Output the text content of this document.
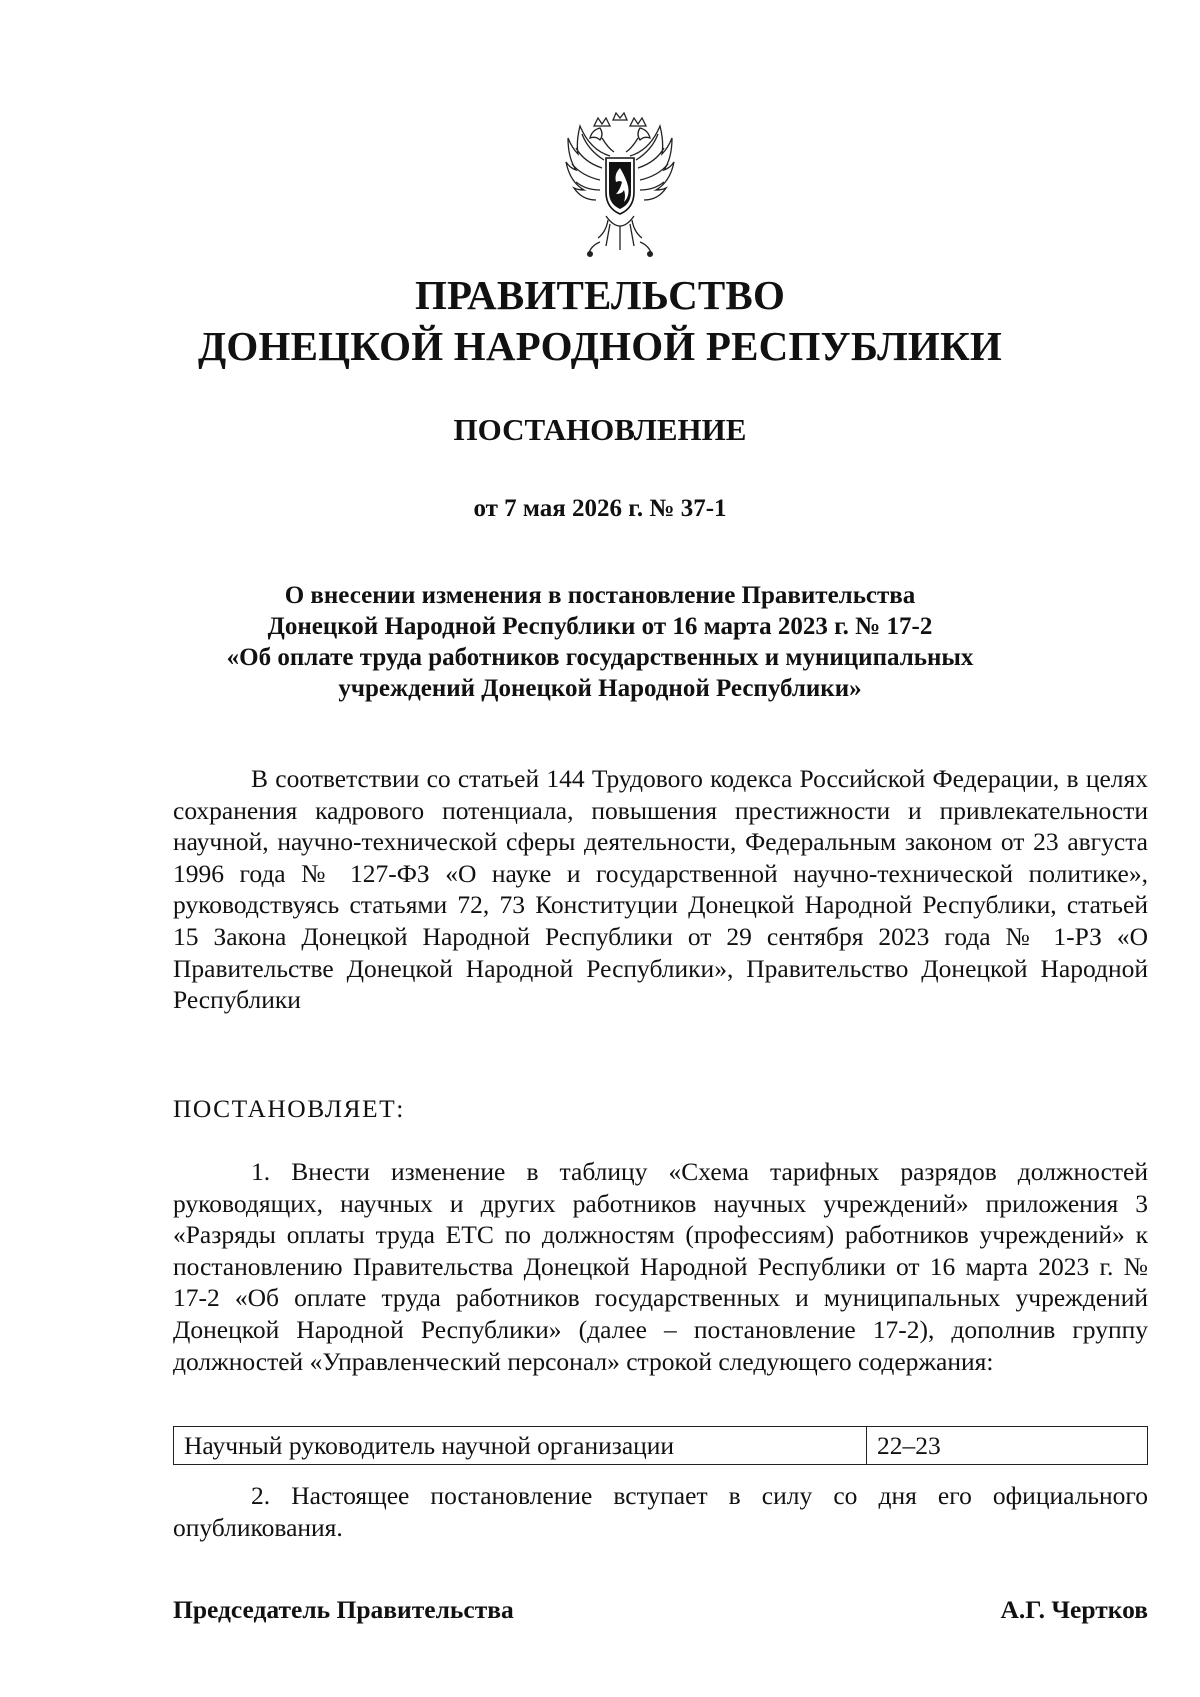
ПРАВИТЕЛЬСТВО
ДОНЕЦКОЙ НАРОДНОЙ РЕСПУБЛИКИ
ПОСТАНОВЛЕНИЕ
от 7 мая 2026 г. № 37-1
О внесении изменения в постановление Правительства
Донецкой Народной Республики от 16 марта 2023 г. № 17-2
«Об оплате труда работников государственных и муниципальных
учреждений Донецкой Народной Республики»
В соответствии со статьей 144 Трудового кодекса Российской Федерации, в целях сохранения кадрового потенциала, повышения престижности и привлекательности научной, научно-технической сферы деятельности, Федеральным законом от 23 августа 1996 года № 127-ФЗ «О науке и государственной научно-технической политике», руководствуясь статьями 72, 73 Конституции Донецкой Народной Республики, статьей 15 Закона Донецкой Народной Республики от 29 сентября 2023 года № 1-РЗ «О Правительстве Донецкой Народной Республики», Правительство Донецкой Народной Республики
ПОСТАНОВЛЯЕТ:
1. Внести изменение в таблицу «Схема тарифных разрядов должностей руководящих, научных и других работников научных учреждений» приложения 3 «Разряды оплаты труда ЕТС по должностям (профессиям) работников учреждений» к постановлению Правительства Донецкой Народной Республики от 16 марта 2023 г. № 17-2 «Об оплате труда работников государственных и муниципальных учреждений Донецкой Народной Республики» (далее – постановление 17-2), дополнив группу должностей «Управленческий персонал» строкой следующего содержания:
Научный руководитель научной организации	22–23
2. Настоящее постановление вступает в силу со дня его официального опубликования.
Председатель Правительства	А.Г. Чертков
